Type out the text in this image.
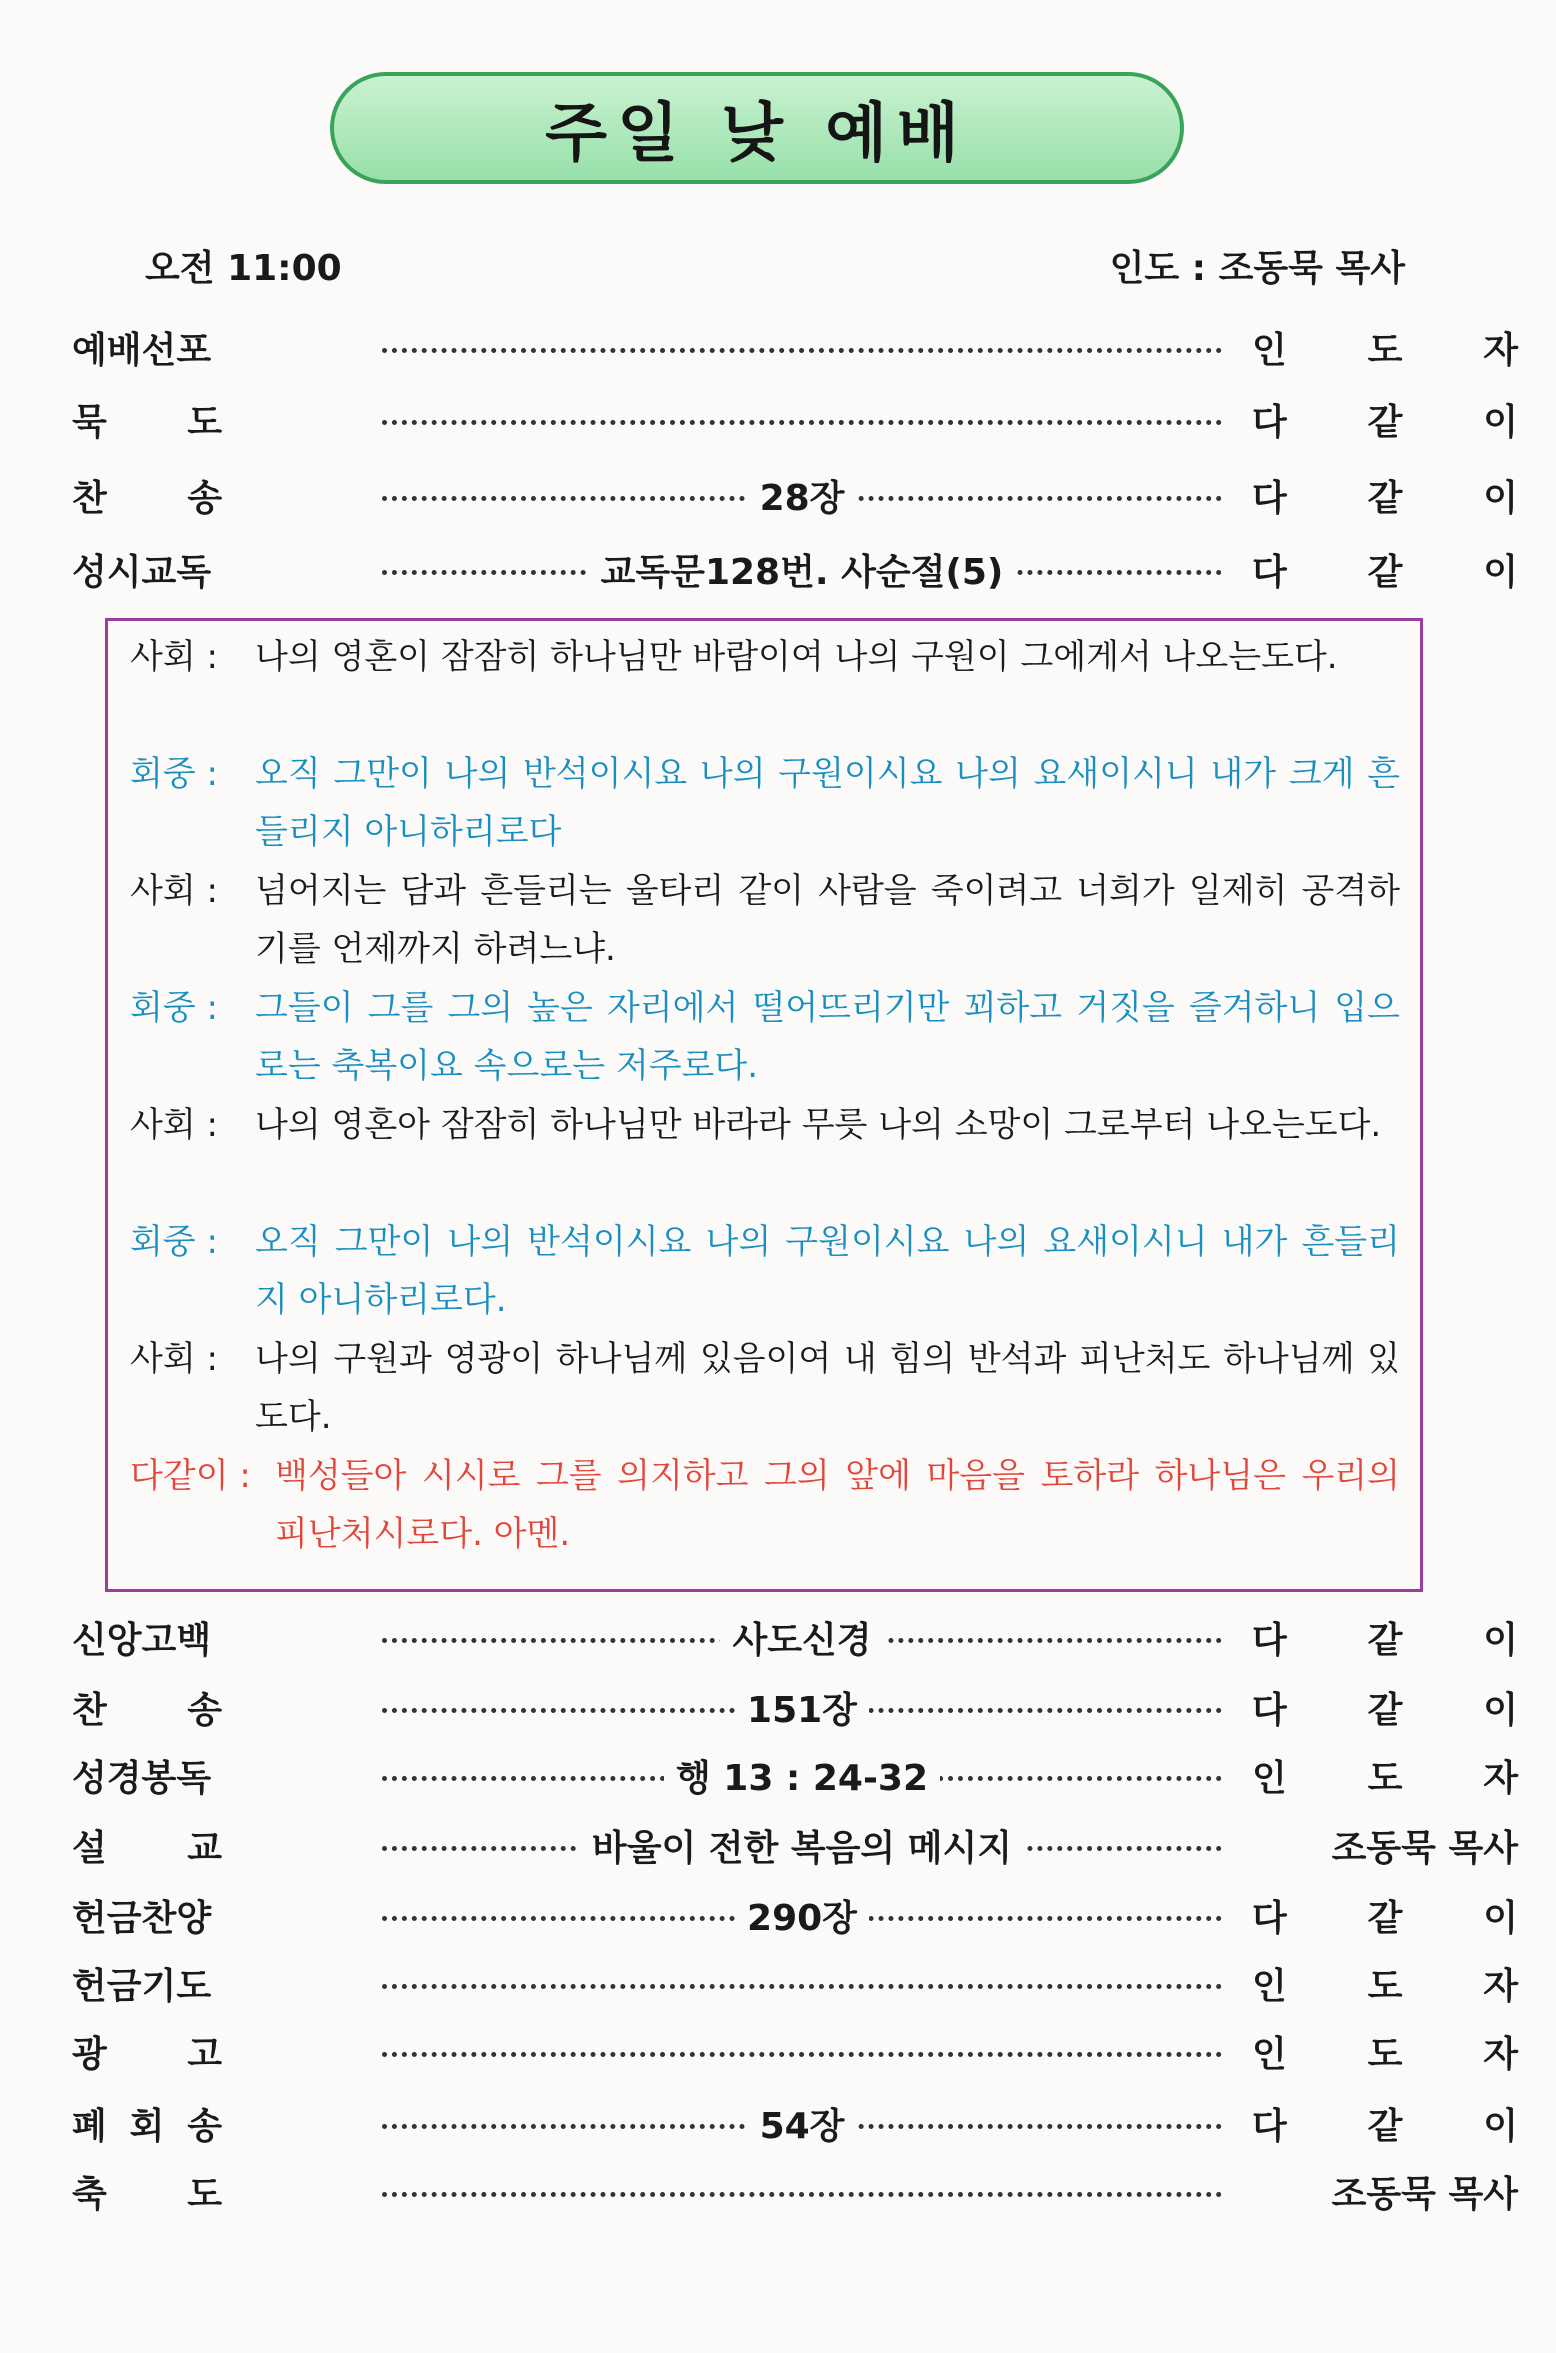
주일 낮 예배
오전 11:00	인도 : 조동묵 목사
예배선포	인 도 자
묵 도	다 같 이
찬 송	28장	다 같 이
성시교독	교독문128번. 사순절(5)	다 같 이
사회 : 나의 영혼이 잠잠히 하나님만 바람이여 나의 구원이 그에게서 나오는도다.
회중 : 오직 그만이 나의 반석이시요 나의 구원이시요 나의 요새이시니 내가 크게 흔들리지 아니하리로다
사회 : 넘어지는 담과 흔들리는 울타리 같이 사람을 죽이려고 너희가 일제히 공격하기를 언제까지 하려느냐.
회중 : 그들이 그를 그의 높은 자리에서 떨어뜨리기만 꾀하고 거짓을 즐겨하니 입으로는 축복이요 속으로는 저주로다.
사회 : 나의 영혼아 잠잠히 하나님만 바라라 무릇 나의 소망이 그로부터 나오는도다.
회중 : 오직 그만이 나의 반석이시요 나의 구원이시요 나의 요새이시니 내가 흔들리지 아니하리로다.
사회 : 나의 구원과 영광이 하나님께 있음이여 내 힘의 반석과 피난처도 하나님께 있도다.
다같이 : 백성들아 시시로 그를 의지하고 그의 앞에 마음을 토하라 하나님은 우리의 피난처시로다. 아멘.
신앙고백	사도신경	다 같 이
찬 송	151장	다 같 이
성경봉독	행 13 : 24-32	인 도 자
설 교	바울이 전한 복음의 메시지	조동묵 목사
헌금찬양	290장	다 같 이
헌금기도	인 도 자
광 고	인 도 자
폐 회 송	54장	다 같 이
축 도	조동묵 목사
